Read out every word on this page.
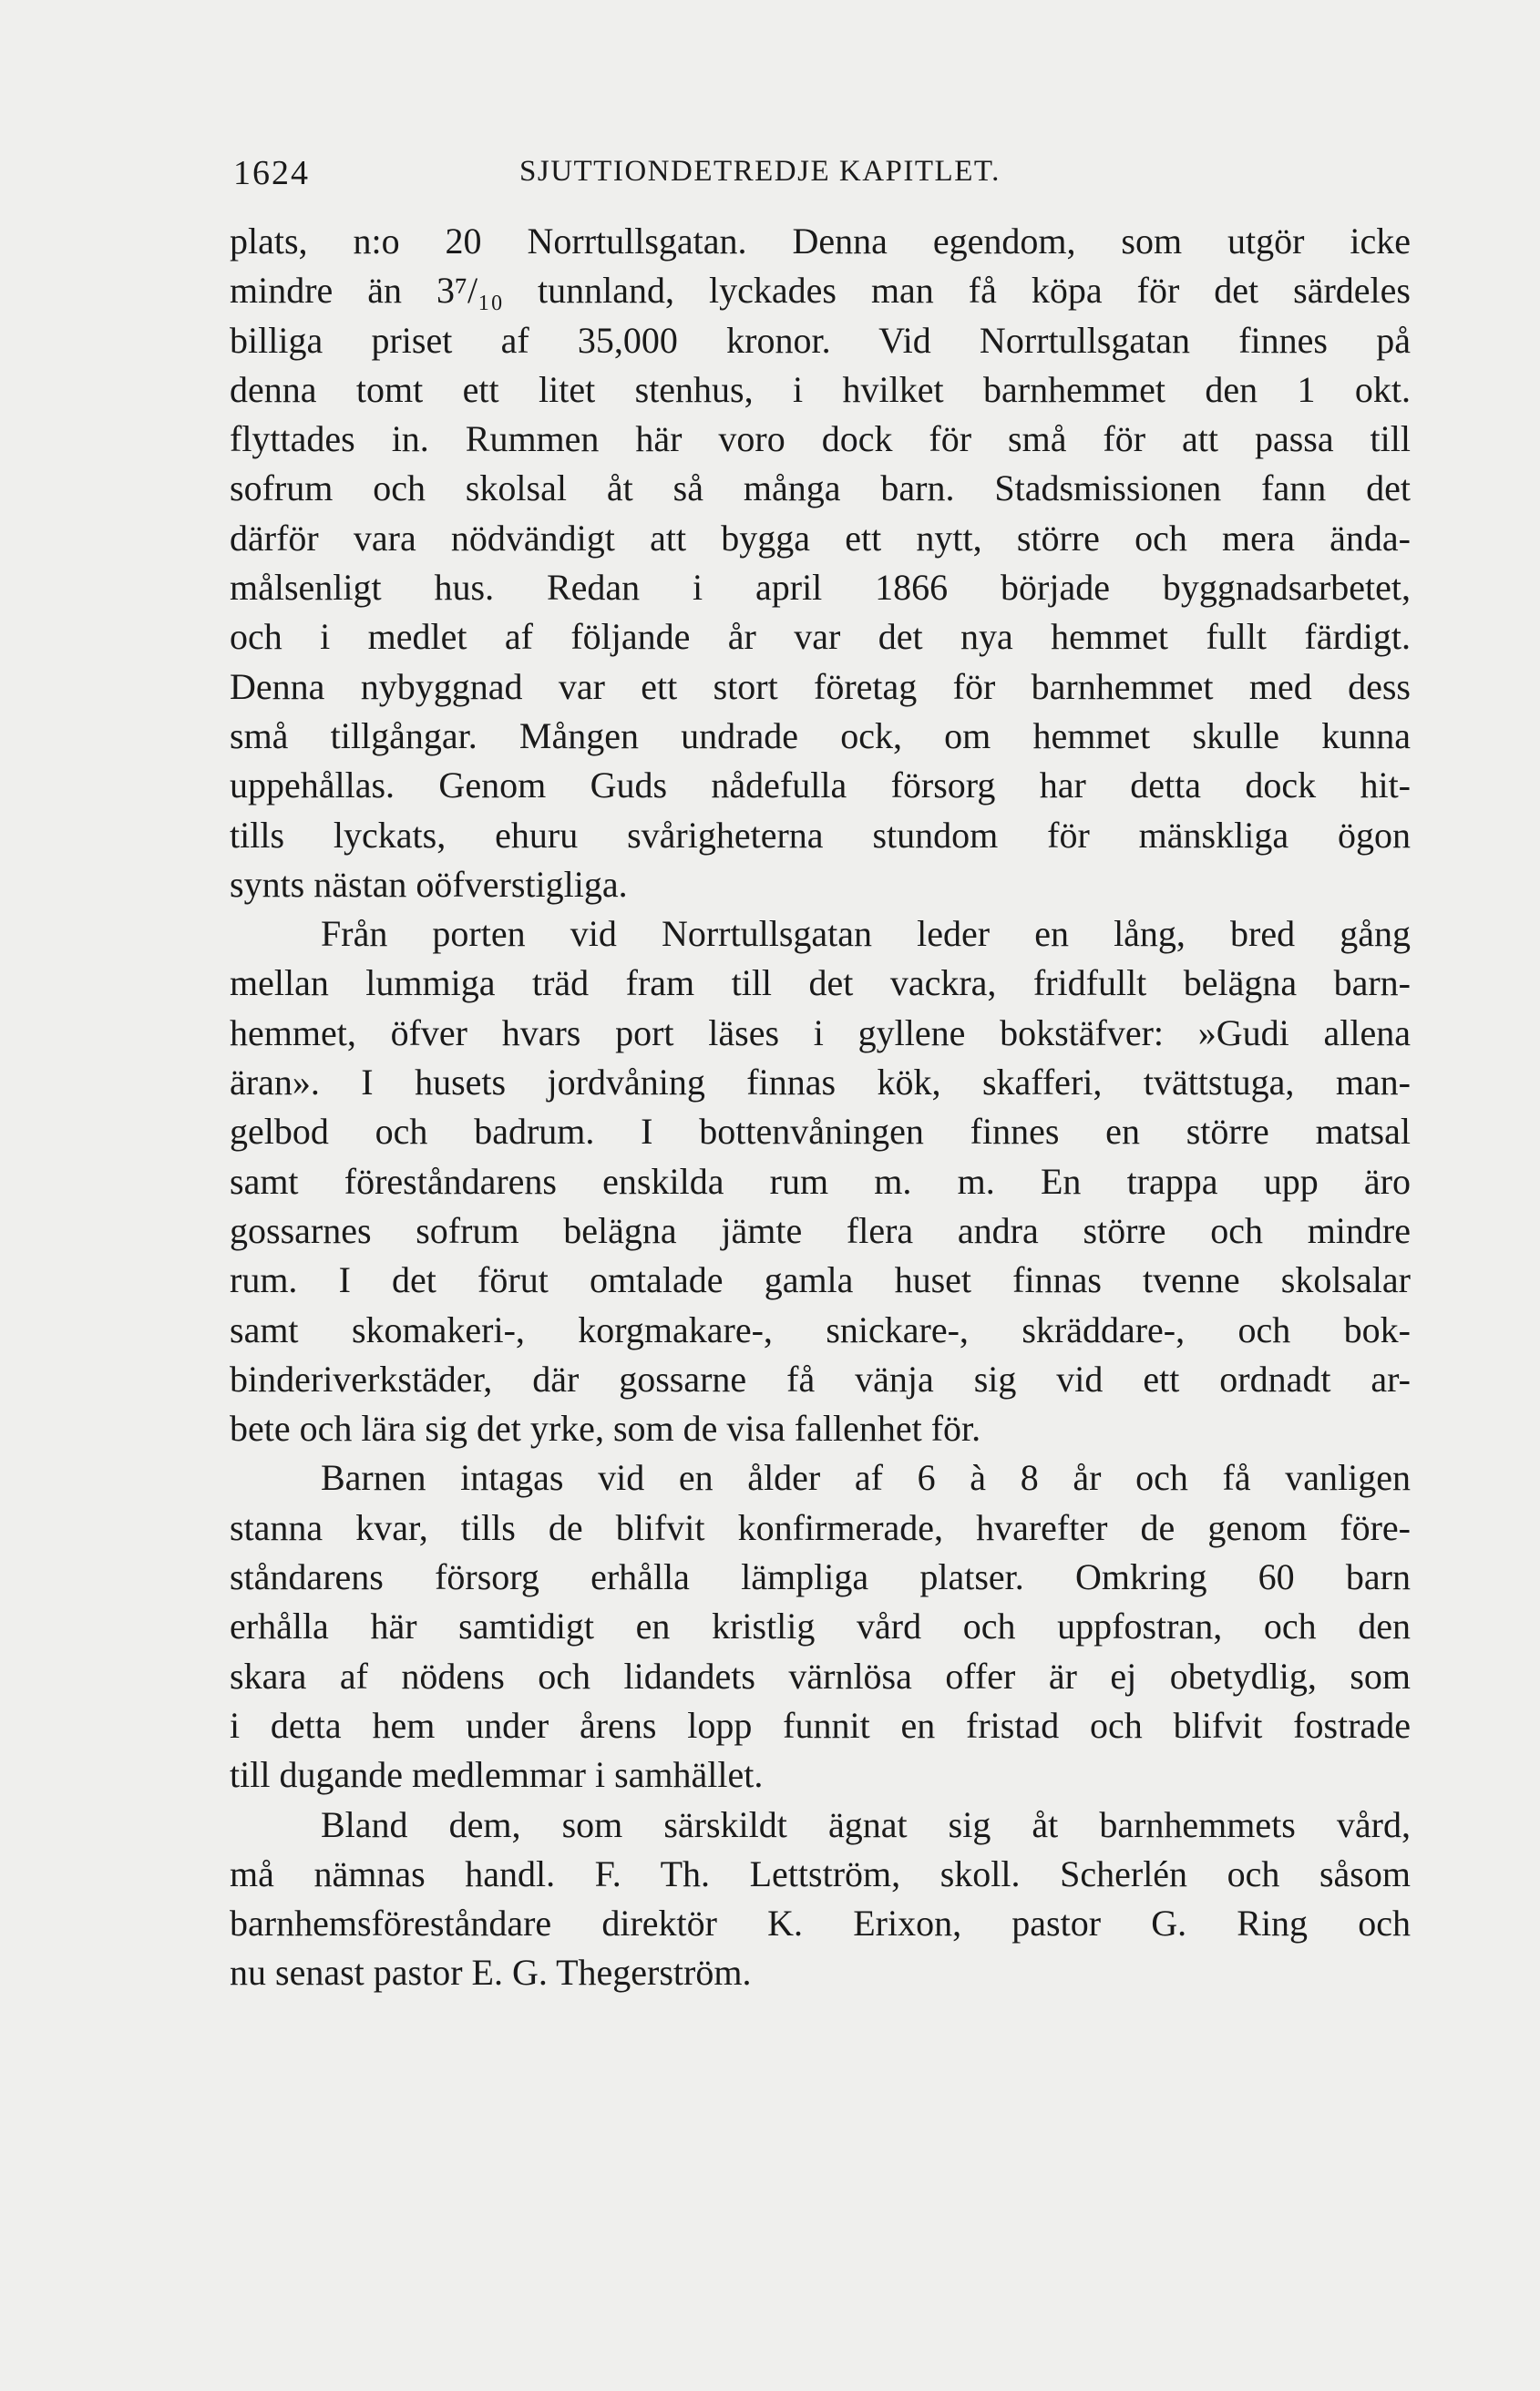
1624	SJUTTIONDETREDJE KAPITLET.
plats, n:o 20 Norrtullsgatan. Denna egendom, som utgör icke
mindre än 3⁷/₁₀ tunnland, lyckades man få köpa för det särdeles
billiga priset af 35,000 kronor. Vid Norrtullsgatan finnes på
denna tomt ett litet stenhus, i hvilket barnhemmet den 1 okt.
flyttades in. Rummen här voro dock för små för att passa till
sofrum och skolsal åt så många barn. Stadsmissionen fann det
därför vara nödvändigt att bygga ett nytt, större och mera ända-
målsenligt hus. Redan i april 1866 började byggnadsarbetet,
och i medlet af följande år var det nya hemmet fullt färdigt.
Denna nybyggnad var ett stort företag för barnhemmet med dess
små tillgångar. Mången undrade ock, om hemmet skulle kunna
uppehållas. Genom Guds nådefulla försorg har detta dock hit-
tills lyckats, ehuru svårigheterna stundom för mänskliga ögon
synts nästan oöfverstigliga.
Från porten vid Norrtullsgatan leder en lång, bred gång
mellan lummiga träd fram till det vackra, fridfullt belägna barn-
hemmet, öfver hvars port läses i gyllene bokstäfver: »Gudi allena
äran». I husets jordvåning finnas kök, skafferi, tvättstuga, man-
gelbod och badrum. I bottenvåningen finnes en större matsal
samt föreståndarens enskilda rum m. m. En trappa upp äro
gossarnes sofrum belägna jämte flera andra större och mindre
rum. I det förut omtalade gamla huset finnas tvenne skolsalar
samt skomakeri-, korgmakare-, snickare-, skräddare-, och bok-
binderiverkstäder, där gossarne få vänja sig vid ett ordnadt ar-
bete och lära sig det yrke, som de visa fallenhet för.
Barnen intagas vid en ålder af 6 à 8 år och få vanligen
stanna kvar, tills de blifvit konfirmerade, hvarefter de genom före-
ståndarens försorg erhålla lämpliga platser. Omkring 60 barn
erhålla här samtidigt en kristlig vård och uppfostran, och den
skara af nödens och lidandets värnlösa offer är ej obetydlig, som
i detta hem under årens lopp funnit en fristad och blifvit fostrade
till dugande medlemmar i samhället.
Bland dem, som särskildt ägnat sig åt barnhemmets vård,
må nämnas handl. F. Th. Lettström, skoll. Scherlén och såsom
barnhemsföreståndare direktör K. Erixon, pastor G. Ring och
nu senast pastor E. G. Thegerström.
